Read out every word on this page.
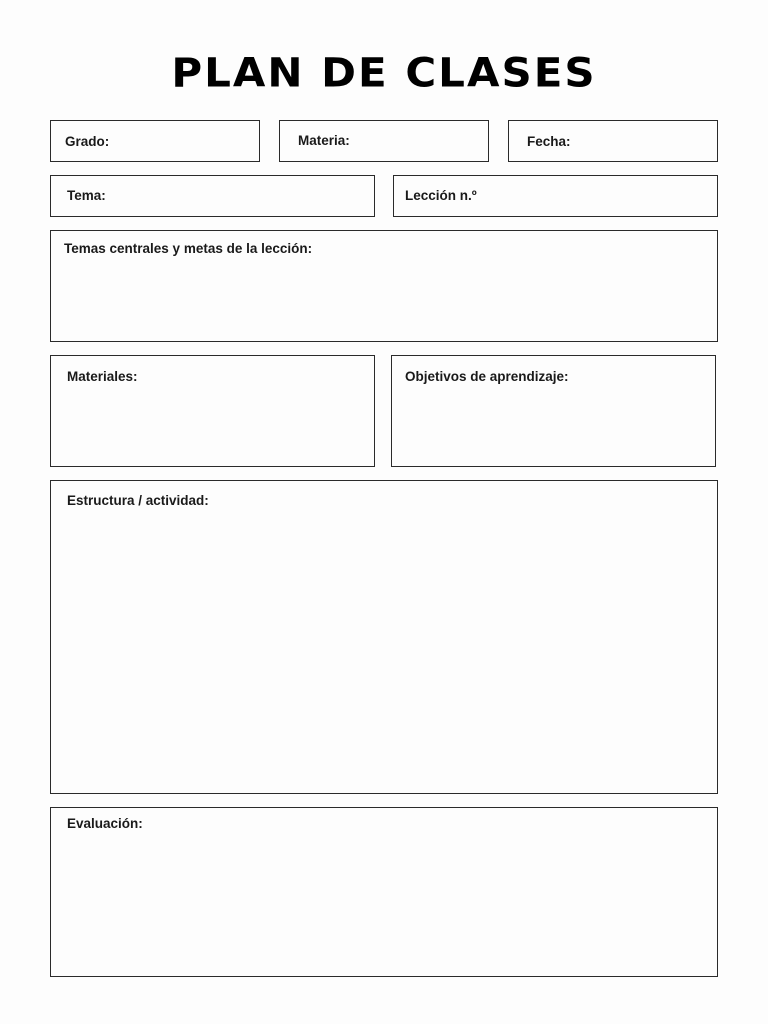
PLAN DE CLASES
Grado:	Materia:	Fecha:
Tema:	Lección n.º
Temas centrales y metas de la lección:
Materiales:	Objetivos de aprendizaje:
Estructura / actividad:
Evaluación:
